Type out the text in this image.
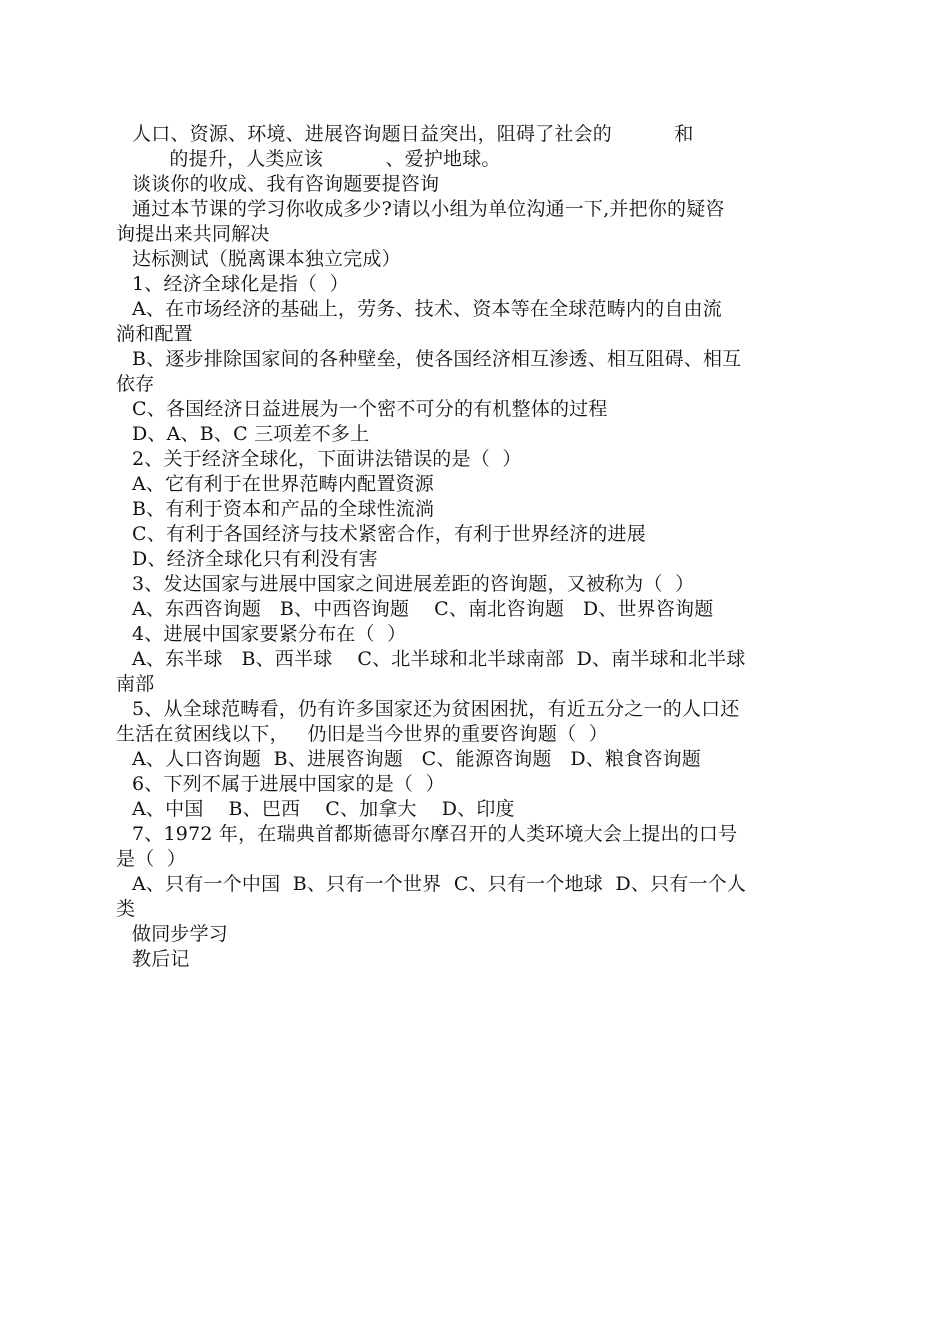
人口、资源、环境、进展咨询题日益突出，阻碍了社会的          和
的提升，人类应该          、爱护地球。
谈谈你的收成、我有咨询题要提咨询
通过本节课的学习你收成多少?请以小组为单位沟通一下,并把你的疑咨
询提出来共同解决
达标测试（脱离课本独立完成）
1、经济全球化是指（  ）
A、在市场经济的基础上，劳务、技术、资本等在全球范畴内的自由流
淌和配置
B、逐步排除国家间的各种壁垒，使各国经济相互渗透、相互阻碍、相互
依存
C、各国经济日益进展为一个密不可分的有机整体的过程
D、A、B、C 三项差不多上
2、关于经济全球化，下面讲法错误的是（  ）
A、它有利于在世界范畴内配置资源
B、有利于资本和产品的全球性流淌
C、有利于各国经济与技术紧密合作，有利于世界经济的进展
D、经济全球化只有利没有害
3、发达国家与进展中国家之间进展差距的咨询题，又被称为（  ）
A、东西咨询题   B、中西咨询题    C、南北咨询题   D、世界咨询题
4、进展中国家要紧分布在（  ）
A、东半球   B、西半球    C、北半球和北半球南部  D、南半球和北半球
南部
5、从全球范畴看，仍有许多国家还为贫困困扰，有近五分之一的人口还
生活在贫困线以下，   仍旧是当今世界的重要咨询题（  ）
A、人口咨询题  B、进展咨询题   C、能源咨询题   D、粮食咨询题
6、下列不属于进展中国家的是（  ）
A、中国    B、巴西    C、加拿大    D、印度
7、1972 年，在瑞典首都斯德哥尔摩召开的人类环境大会上提出的口号
是（  ）
A、只有一个中国  B、只有一个世界  C、只有一个地球  D、只有一个人
类
做同步学习
教后记
